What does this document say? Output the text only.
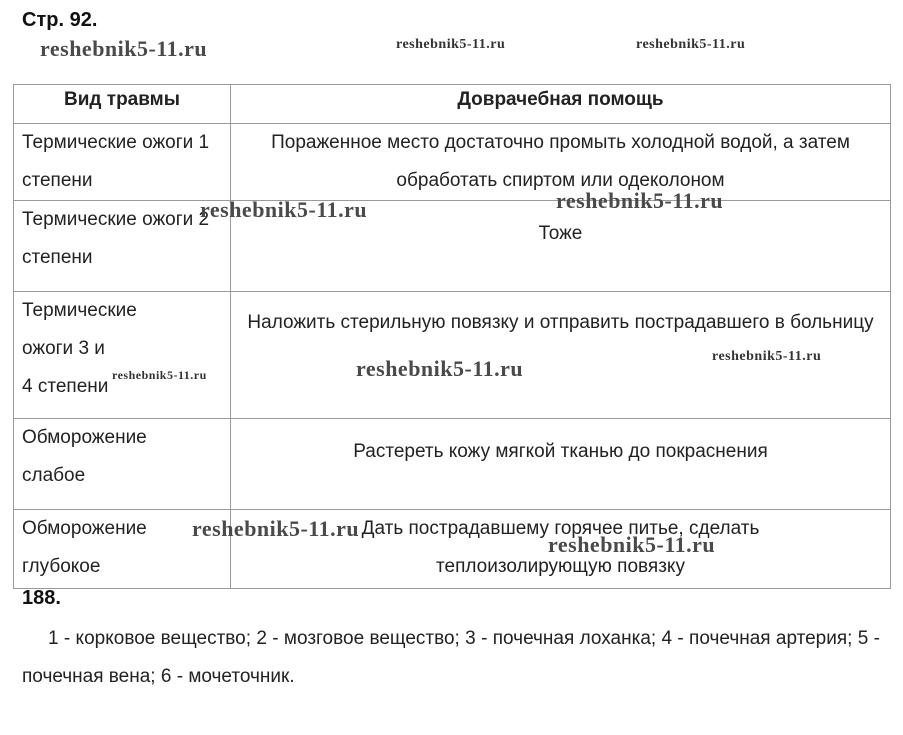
Стр. 92.
Вид травмы	Доврачебная помощь
Термические ожоги 1 степени	Пораженное место достаточно промыть холодной водой, а затем обработать спиртом или одеколоном
Термические ожоги 2 степени	Тоже
Термические ожоги 3 и 4 степени	Наложить стерильную повязку и отправить пострадавшего в больницу
Обморожение слабое	Растереть кожу мягкой тканью до покраснения
Обморожение глубокое	Дать пострадавшему горячее питье, сделать теплоизолирующую повязку
188.
1 - корковое вещество; 2 - мозговое вещество; 3 - почечная лоханка; 4 - почечная артерия; 5 - почечная вена; 6 - мочеточник.
reshebnik5-11.ru	reshebnik5-11.ru	reshebnik5-11.ru
reshebnik5-11.ru	reshebnik5-11.ru
reshebnik5-11.ru	reshebnik5-11.ru	reshebnik5-11.ru
reshebnik5-11.ru
reshebnik5-11.ru
